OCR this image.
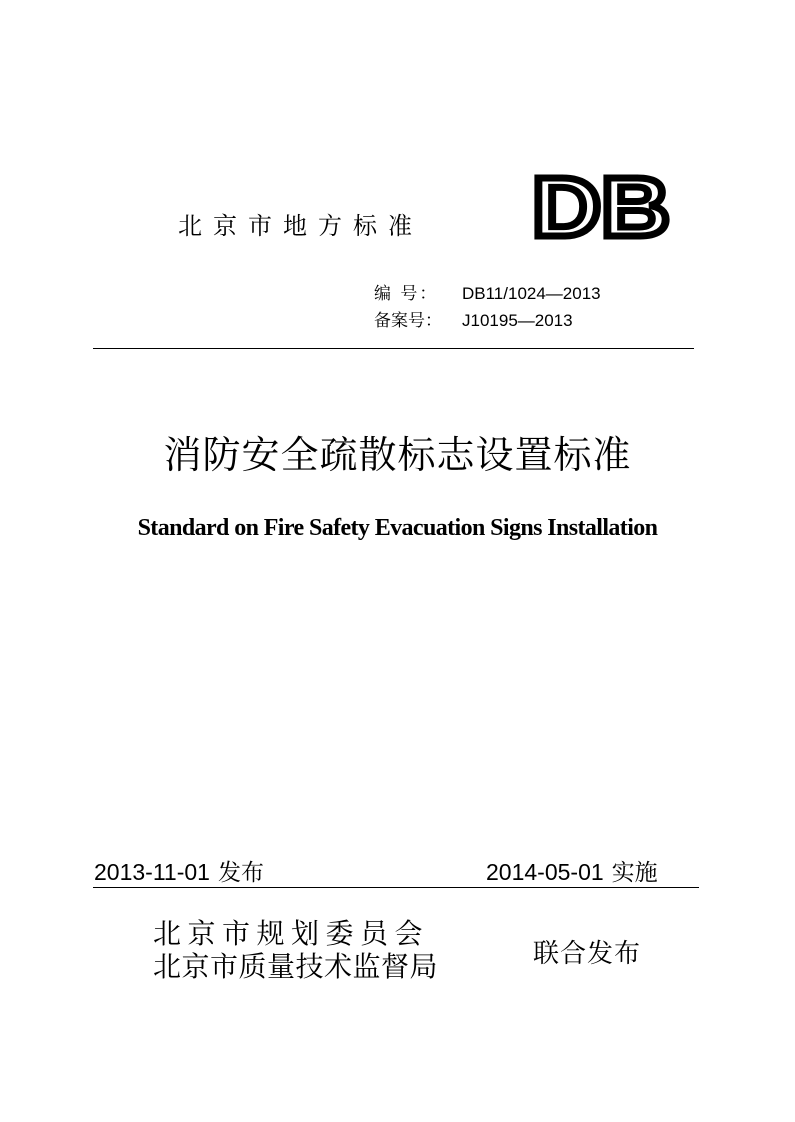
北京市地方标准 DB
编 号： DB11/1024—2013
备案号： J10195—2013
消防安全疏散标志设置标准
Standard on Fire Safety Evacuation Signs Installation
2013-11-01 发布	2014-05-01 实施
北京市规划委员会
北京市质量技术监督局	联合发布
